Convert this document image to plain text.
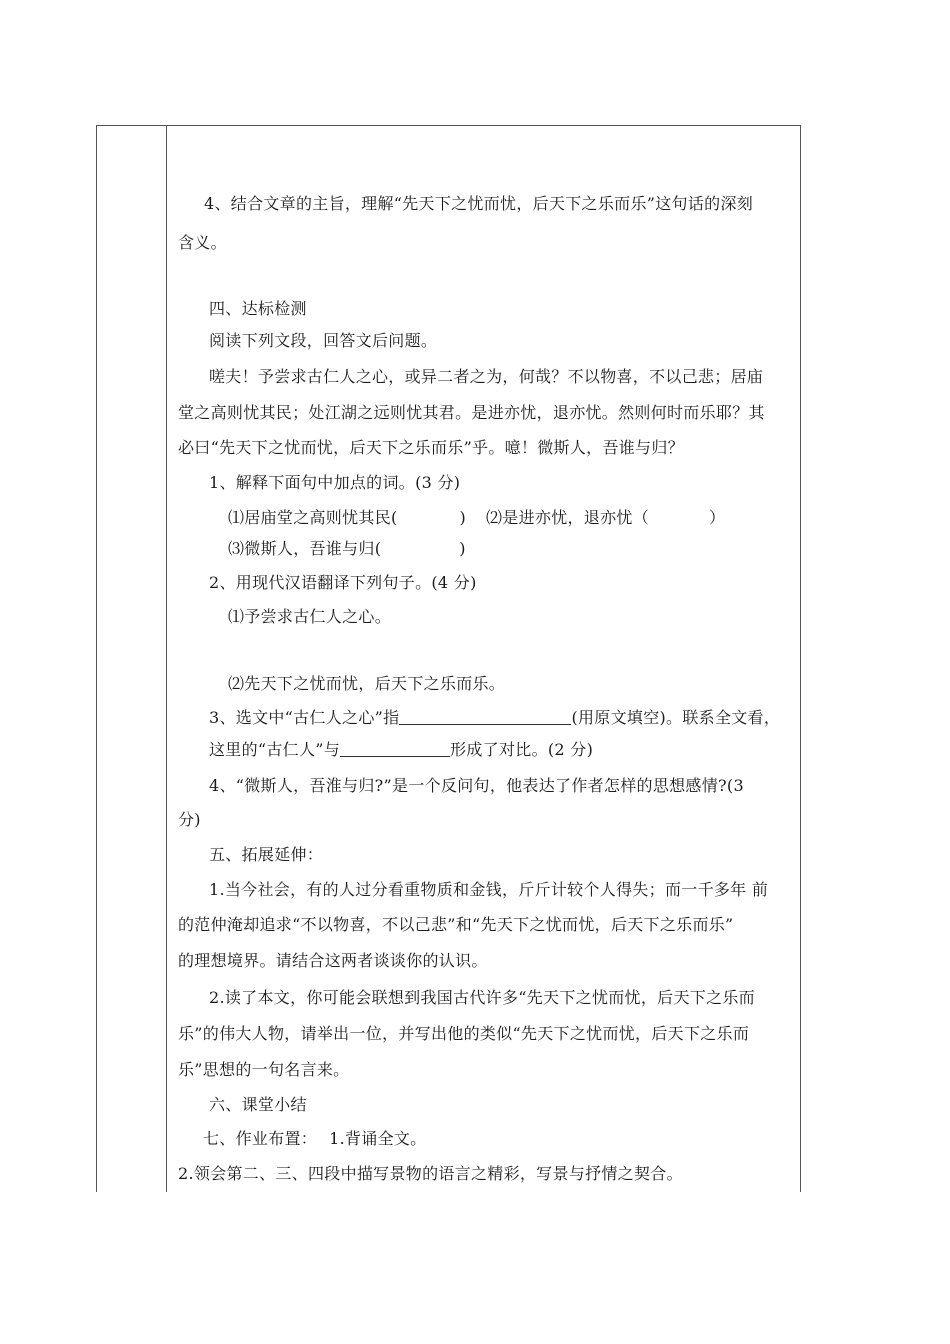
4、结合文章的主旨，理解“先天下之忧而忧，后天下之乐而乐”这句话的深刻
含义。
四、达标检测
阅读下列文段，回答文后问题。
嗟夫！予尝求古仁人之心，或异二者之为，何哉？不以物喜，不以己悲；居庙
堂之高则忧其民；处江湖之远则忧其君。是进亦忧，退亦忧。然则何时而乐耶？其
必曰“先天下之忧而忧，后天下之乐而乐”乎。噫！微斯人，吾谁与归？
1、解释下面句中加点的词。(3 分)
⑴居庙堂之高则忧其民(	) ⑵是进亦忧，退亦忧（	）
⑶微斯人，吾谁与归(	)
2、用现代汉语翻译下列句子。(4 分)
⑴予尝求古仁人之心。
⑵先天下之忧而忧，后天下之乐而乐。
3、选文中“古仁人之心”指	(用原文填空)。联系全文看，
这里的“古仁人”与	形成了对比。(2 分)
4、“微斯人，吾淮与归?”是一个反问句，他表达了作者怎样的思想感情?(3
分)
五、拓展延伸：
1.当今社会，有的人过分看重物质和金钱，斤斤计较个人得失；而一千多年 前
的范仲淹却追求“不以物喜，不以己悲”和“先天下之忧而忧，后天下之乐而乐”
的理想境界。请结合这两者谈谈你的认识。
2.读了本文，你可能会联想到我国古代许多“先天下之忧而忧，后天下之乐而
乐”的伟大人物，请举出一位，并写出他的类似“先天下之忧而忧，后天下之乐而
乐”思想的一句名言来。
六、课堂小结
七、作业布置： 1.背诵全文。
2.领会第二、三、四段中描写景物的语言之精彩，写景与抒情之契合。
